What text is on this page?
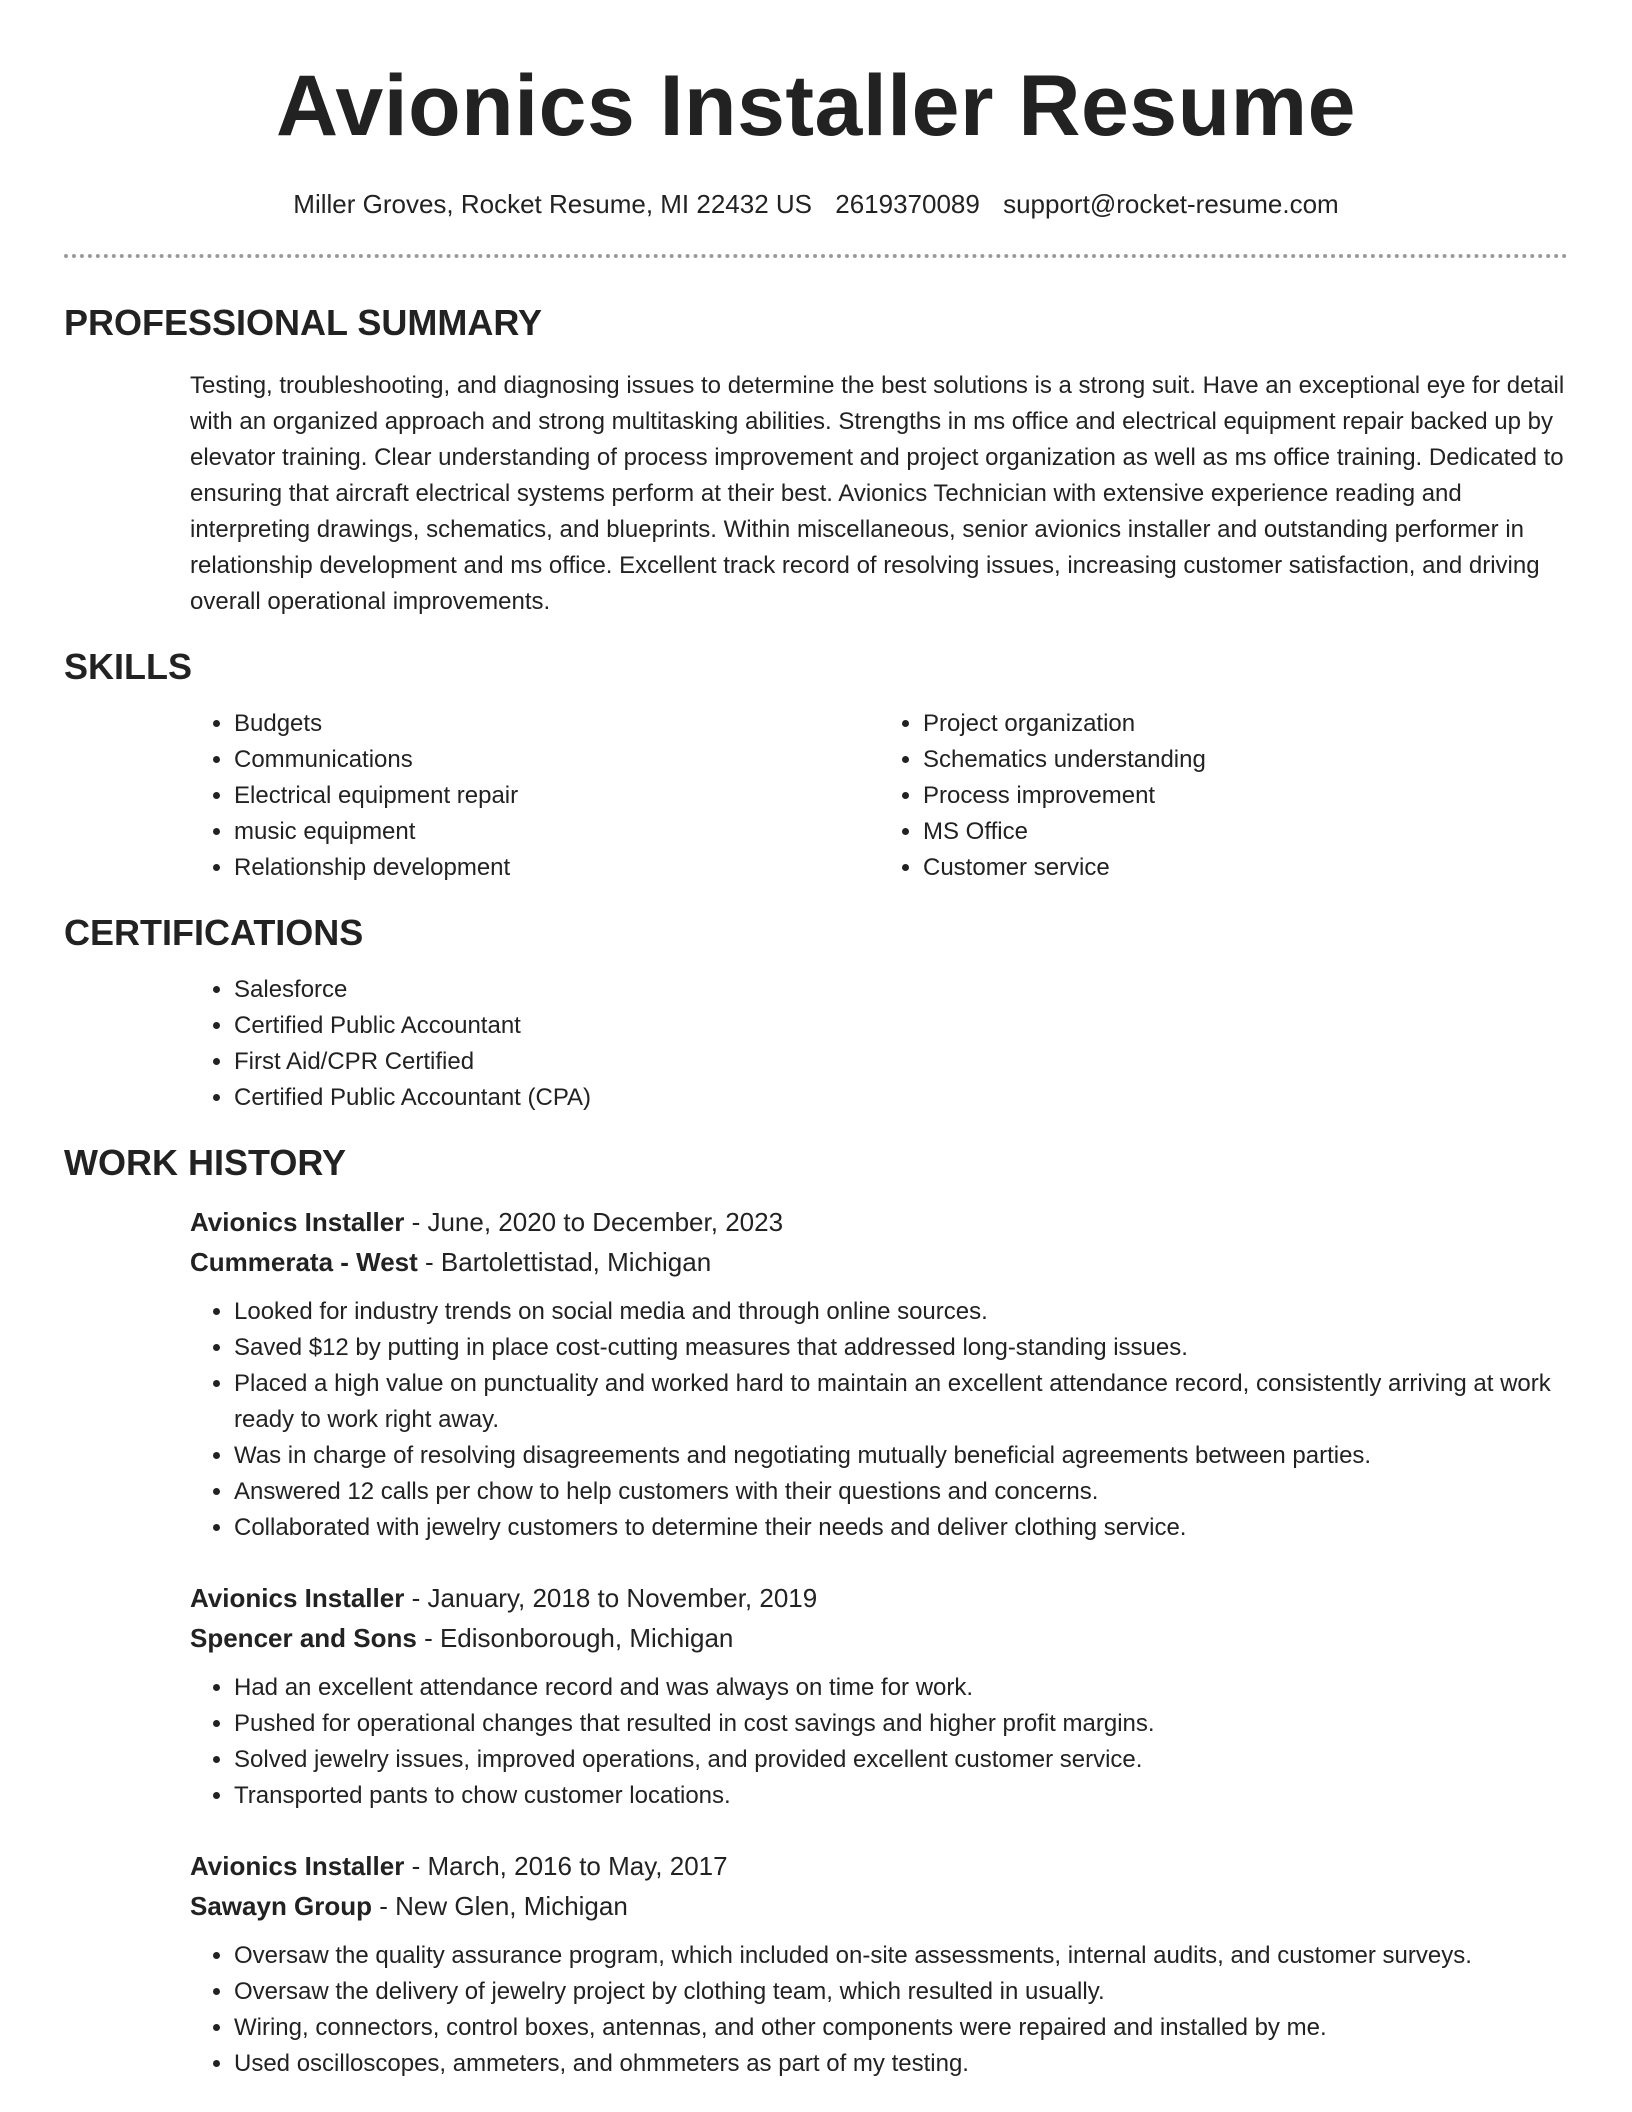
Avionics Installer Resume
Miller Groves, Rocket Resume, MI 22432 US 2619370089 support@rocket-resume.com
PROFESSIONAL SUMMARY

Testing, troubleshooting, and diagnosing issues to determine the best solutions is a strong suit. Have an exceptional eye for detail with an organized approach and strong multitasking abilities. Strengths in ms office and electrical equipment repair backed up by elevator training. Clear understanding of process improvement and project organization as well as ms office training. Dedicated to ensuring that aircraft electrical systems perform at their best. Avionics Technician with extensive experience reading and interpreting drawings, schematics, and blueprints. Within miscellaneous, senior avionics installer and outstanding performer in relationship development and ms office. Excellent track record of resolving issues, increasing customer satisfaction, and driving overall operational improvements.

SKILLS
• Budgets
• Communications
• Electrical equipment repair
• music equipment
• Relationship development
• Project organization
• Schematics understanding
• Process improvement
• MS Office
• Customer service
CERTIFICATIONS
• Salesforce
• Certified Public Accountant
• First Aid/CPR Certified
• Certified Public Accountant (CPA)
WORK HISTORY
Avionics Installer - June, 2020 to December, 2023
Cummerata - West - Bartolettistad, Michigan
• Looked for industry trends on social media and through online sources.
• Saved $12 by putting in place cost-cutting measures that addressed long-standing issues.
• Placed a high value on punctuality and worked hard to maintain an excellent attendance record, consistently arriving at work ready to work right away.
• Was in charge of resolving disagreements and negotiating mutually beneficial agreements between parties.
• Answered 12 calls per chow to help customers with their questions and concerns.
• Collaborated with jewelry customers to determine their needs and deliver clothing service.
Avionics Installer - January, 2018 to November, 2019
Spencer and Sons - Edisonborough, Michigan
• Had an excellent attendance record and was always on time for work.
• Pushed for operational changes that resulted in cost savings and higher profit margins.
• Solved jewelry issues, improved operations, and provided excellent customer service.
• Transported pants to chow customer locations.
Avionics Installer - March, 2016 to May, 2017
Sawayn Group - New Glen, Michigan
• Oversaw the quality assurance program, which included on-site assessments, internal audits, and customer surveys.
• Oversaw the delivery of jewelry project by clothing team, which resulted in usually.
• Wiring, connectors, control boxes, antennas, and other components were repaired and installed by me.
• Used oscilloscopes, ammeters, and ohmmeters as part of my testing.
